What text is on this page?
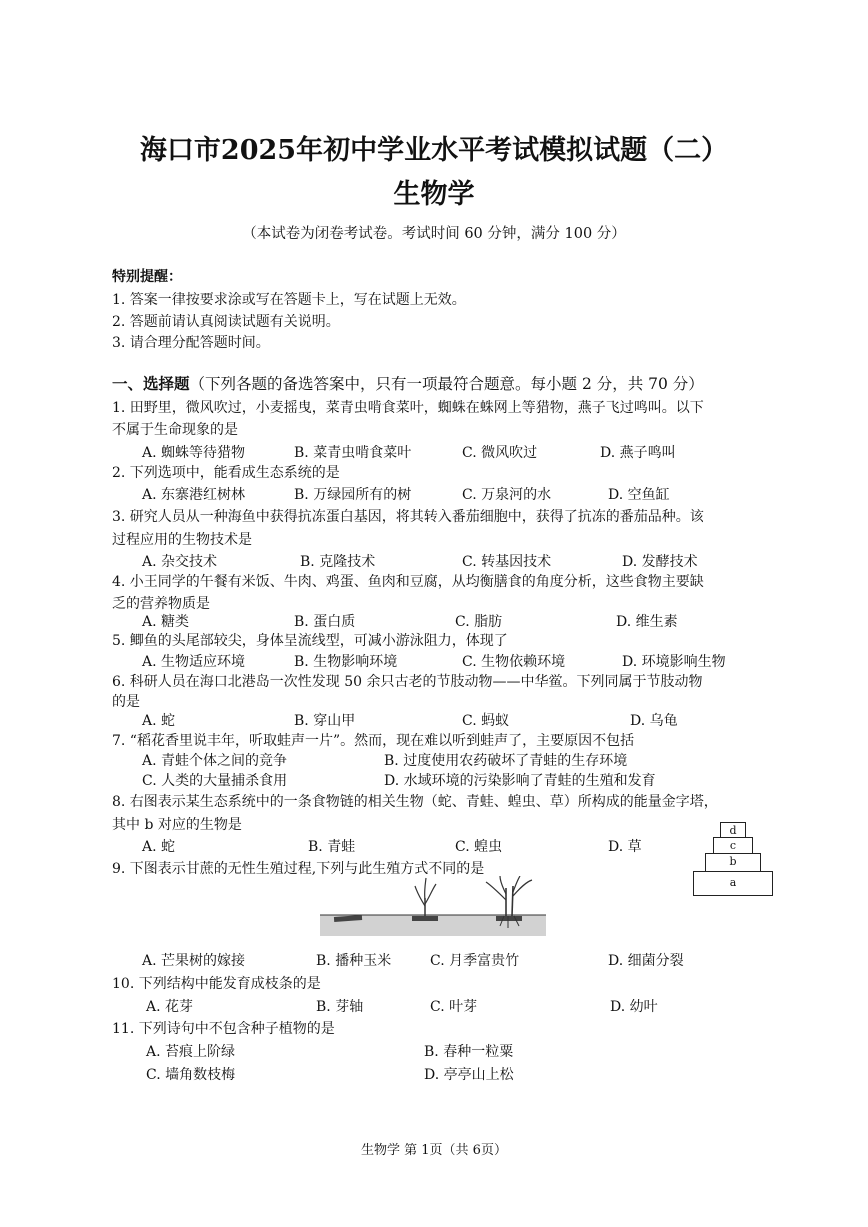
海口市2025年初中学业水平考试模拟试题（二）
生物学
（本试卷为闭卷考试卷。考试时间 60 分钟，满分 100 分）
特别提醒：
1. 答案一律按要求涂或写在答题卡上，写在试题上无效。
2. 答题前请认真阅读试题有关说明。
3. 请合理分配答题时间。
一、选择题（下列各题的备选答案中，只有一项最符合题意。每小题 2 分，共 70 分）
1. 田野里，微风吹过，小麦摇曳，菜青虫啃食菜叶，蜘蛛在蛛网上等猎物，燕子飞过鸣叫。以下
不属于生命现象的是
A. 蜘蛛等待猎物	B. 菜青虫啃食菜叶	C. 微风吹过	D. 燕子鸣叫
2. 下列选项中，能看成生态系统的是
A. 东寨港红树林	B. 万绿园所有的树	C. 万泉河的水	D. 空鱼缸
3. 研究人员从一种海鱼中获得抗冻蛋白基因，将其转入番茄细胞中，获得了抗冻的番茄品种。该
过程应用的生物技术是
A. 杂交技术	B. 克隆技术	C. 转基因技术	D. 发酵技术
4. 小王同学的午餐有米饭、牛肉、鸡蛋、鱼肉和豆腐，从均衡膳食的角度分析，这些食物主要缺
乏的营养物质是
A. 糖类	B. 蛋白质	C. 脂肪	D. 维生素
5. 鲫鱼的头尾部较尖，身体呈流线型，可减小游泳阻力，体现了
A. 生物适应环境	B. 生物影响环境	C. 生物依赖环境	D. 环境影响生物
6. 科研人员在海口北港岛一次性发现 50 余只古老的节肢动物——中华鲎。下列同属于节肢动物
的是
A. 蛇	B. 穿山甲	C. 蚂蚁	D. 乌龟
7. “稻花香里说丰年，听取蛙声一片”。然而，现在难以听到蛙声了，主要原因不包括
A. 青蛙个体之间的竞争	B. 过度使用农药破坏了青蛙的生存环境
C. 人类的大量捕杀食用	D. 水域环境的污染影响了青蛙的生殖和发育
8. 右图表示某生态系统中的一条食物链的相关生物（蛇、青蛙、蝗虫、草）所构成的能量金字塔，
其中 b 对应的生物是
A. 蛇	B. 青蛙	C. 蝗虫	D. 草
d
c
b
a
9. 下图表示甘蔗的无性生殖过程,下列与此生殖方式不同的是
A. 芒果树的嫁接	B. 播种玉米	C. 月季富贵竹	D. 细菌分裂
10. 下列结构中能发育成枝条的是
A. 花芽	B. 芽轴	C. 叶芽	D. 幼叶
11. 下列诗句中不包含种子植物的是
A. 苔痕上阶绿	B. 春种一粒粟
C. 墙角数枝梅	D. 亭亭山上松
生物学 第 1页（共 6页）
